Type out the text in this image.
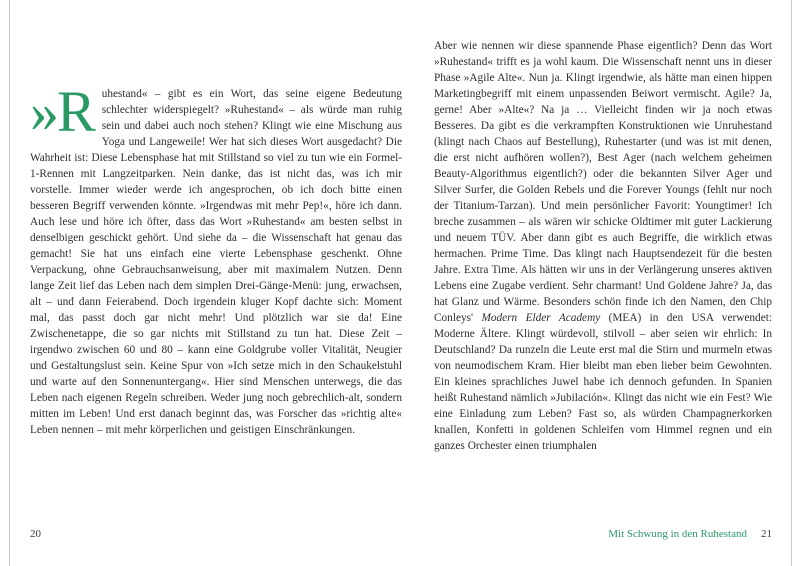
»R uhestand« – gibt es ein Wort, das seine eigene Bedeutung schlechter widerspiegelt? »Ruhestand« – als würde man ruhig sein und dabei auch noch stehen? Klingt wie eine Mischung aus Yoga und Langeweile! Wer hat sich dieses Wort ausgedacht? Die Wahrheit ist: Diese Lebensphase hat mit Stillstand so viel zu tun wie ein Formel-1-Rennen mit Langzeitparken. Nein danke, das ist nicht das, was ich mir vorstelle. Immer wieder werde ich angesprochen, ob ich doch bitte einen besseren Begriff verwenden könnte. »Irgendwas mit mehr Pep!«, höre ich dann. Auch lese und höre ich öfter, dass das Wort »Ruhestand« am besten selbst in denselbigen geschickt gehört. Und siehe da – die Wissenschaft hat genau das gemacht! Sie hat uns einfach eine vierte Lebensphase geschenkt. Ohne Verpackung, ohne Gebrauchsanweisung, aber mit maximalem Nutzen. Denn lange Zeit lief das Leben nach dem simplen Drei-Gänge-Menü: jung, erwachsen, alt – und dann Feierabend. Doch irgendein kluger Kopf dachte sich: Moment mal, das passt doch gar nicht mehr! Und plötzlich war sie da! Eine Zwischenetappe, die so gar nichts mit Stillstand zu tun hat. Diese Zeit – irgendwo zwischen 60 und 80 – kann eine Goldgrube voller Vitalität, Neugier und Gestaltungslust sein. Keine Spur von »Ich setze mich in den Schaukelstuhl und warte auf den Sonnenuntergang«. Hier sind Menschen unterwegs, die das Leben nach eigenen Regeln schreiben. Weder jung noch gebrechlich-alt, sondern mitten im Leben! Und erst danach beginnt das, was Forscher das »richtig alte« Leben nennen – mit mehr körperlichen und geistigen Einschränkungen.
Aber wie nennen wir diese spannende Phase eigentlich? Denn das Wort »Ruhestand« trifft es ja wohl kaum. Die Wissenschaft nennt uns in dieser Phase »Agile Alte«. Nun ja. Klingt irgendwie, als hätte man einen hippen Marketingbegriff mit einem unpassenden Beiwort vermischt. Agile? Ja, gerne! Aber »Alte«? Na ja … Vielleicht finden wir ja noch etwas Besseres. Da gibt es die verkrampften Konstruktionen wie Unruhestand (klingt nach Chaos auf Bestellung), Ruhestarter (und was ist mit denen, die erst nicht aufhören wollen?), Best Ager (nach welchem geheimen Beauty-Algorithmus eigentlich?) oder die bekannten Silver Ager und Silver Surfer, die Golden Rebels und die Forever Youngs (fehlt nur noch der Titanium-Tarzan). Und mein persönlicher Favorit: Youngtimer! Ich breche zusammen – als wären wir schicke Oldtimer mit guter Lackierung und neuem TÜV. Aber dann gibt es auch Begriffe, die wirklich etwas hermachen. Prime Time. Das klingt nach Hauptsendezeit für die besten Jahre. Extra Time. Als hätten wir uns in der Verlängerung unseres aktiven Lebens eine Zugabe verdient. Sehr charmant! Und Goldene Jahre? Ja, das hat Glanz und Wärme. Besonders schön finde ich den Namen, den Chip Conleys' Modern Elder Academy (MEA) in den USA verwendet: Moderne Ältere. Klingt würdevoll, stilvoll – aber seien wir ehrlich: In Deutschland? Da runzeln die Leute erst mal die Stirn und murmeln etwas von neumodischem Kram. Hier bleibt man eben lieber beim Gewohnten. Ein kleines sprachliches Juwel habe ich dennoch gefunden. In Spanien heißt Ruhestand nämlich »Jubilación«. Klingt das nicht wie ein Fest? Wie eine Einladung zum Leben? Fast so, als würden Champagnerkorken knallen, Konfetti in goldenen Schleifen vom Himmel regnen und ein ganzes Orchester einen triumphalen
20	Mit Schwung in den Ruhestand 21
